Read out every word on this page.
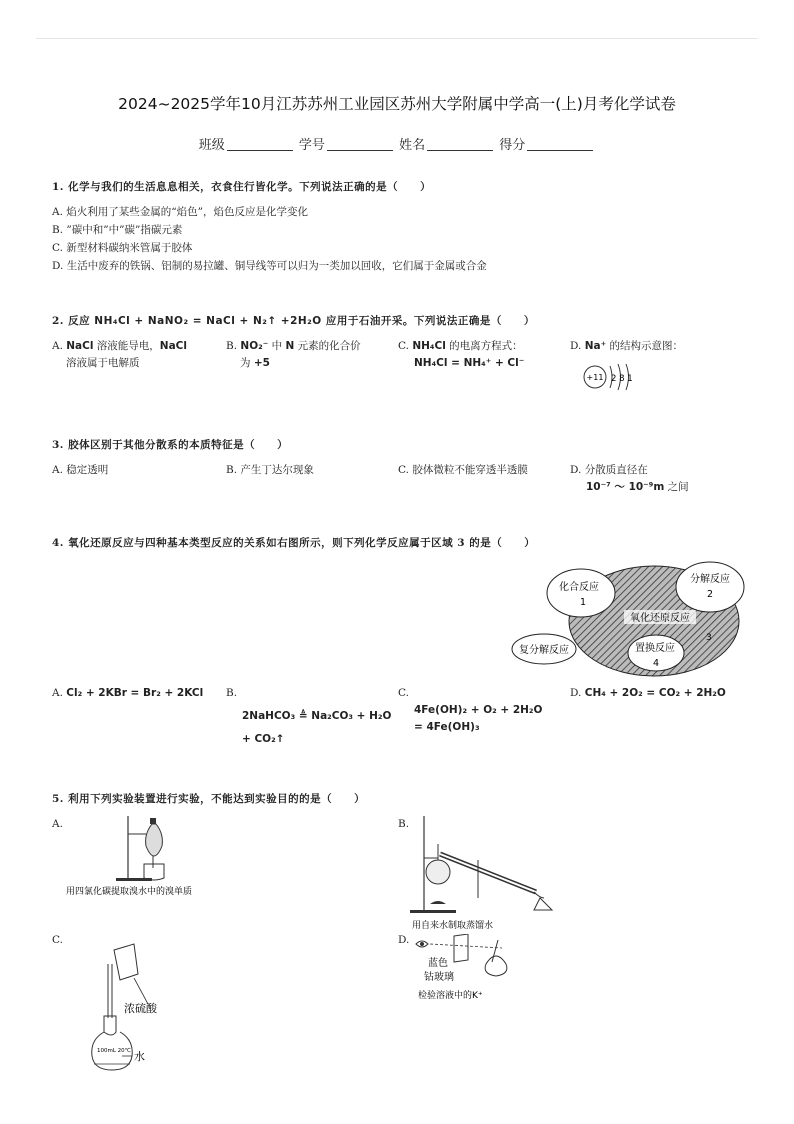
2024~2025学年10月江苏苏州工业园区苏州大学附属中学高一(上)月考化学试卷
班级	学号	姓名	得分
1. 化学与我们的生活息息相关，衣食住行皆化学。下列说法正确的是（　　）
A. 焰火利用了某些金属的“焰色”，焰色反应是化学变化
B. ”碳中和”中”碳”指碳元素
C. 新型材料碳纳米管属于胶体
D. 生活中废弃的铁锅、铝制的易拉罐、铜导线等可以归为一类加以回收，它们属于金属或合金
2. 反应 NH₄Cl + NaNO₂ = NaCl + N₂↑ +2H₂O 应用于石油开采。下列说法正确是（　　）
A. NaCl 溶液能导电，NaCl
溶液属于电解质
B. NO₂⁻ 中 N 元素的化合价
为 +5
C. NH₄Cl 的电离方程式：
NH₄Cl = NH₄⁺ + Cl⁻
D. Na⁺ 的结构示意图：
+11 2 8 1
3. 胶体区别于其他分散系的本质特征是（　　）
A. 稳定透明	B. 产生丁达尔现象	C. 胶体微粒不能穿透半透膜	D. 分散质直径在
10⁻⁷ ～ 10⁻⁹m 之间
4. 氧化还原反应与四种基本类型反应的关系如右图所示，则下列化学反应属于区域 3 的是（　　）
氧化还原反应
3
化合反应
1
分解反应
2
复分解反应	置换反应
4
A. Cl₂ + 2KBr = Br₂ + 2KCl B.
2NaHCO₃ ≜ Na₂CO₃ + H₂O
+ CO₂↑
C.
4Fe(OH)₂ + O₂ + 2H₂O
= 4Fe(OH)₃
D. CH₄ + 2O₂ = CO₂ + 2H₂O
5. 利用下列实验装置进行实验，不能达到实验目的的是（　　）
A.
用四氯化碳提取溴水中的溴单质
B.
用自来水制取蒸馏水
C.
100mL 20℃
浓硫酸
水
D.
蓝色
钴玻璃
检验溶液中的K⁺
